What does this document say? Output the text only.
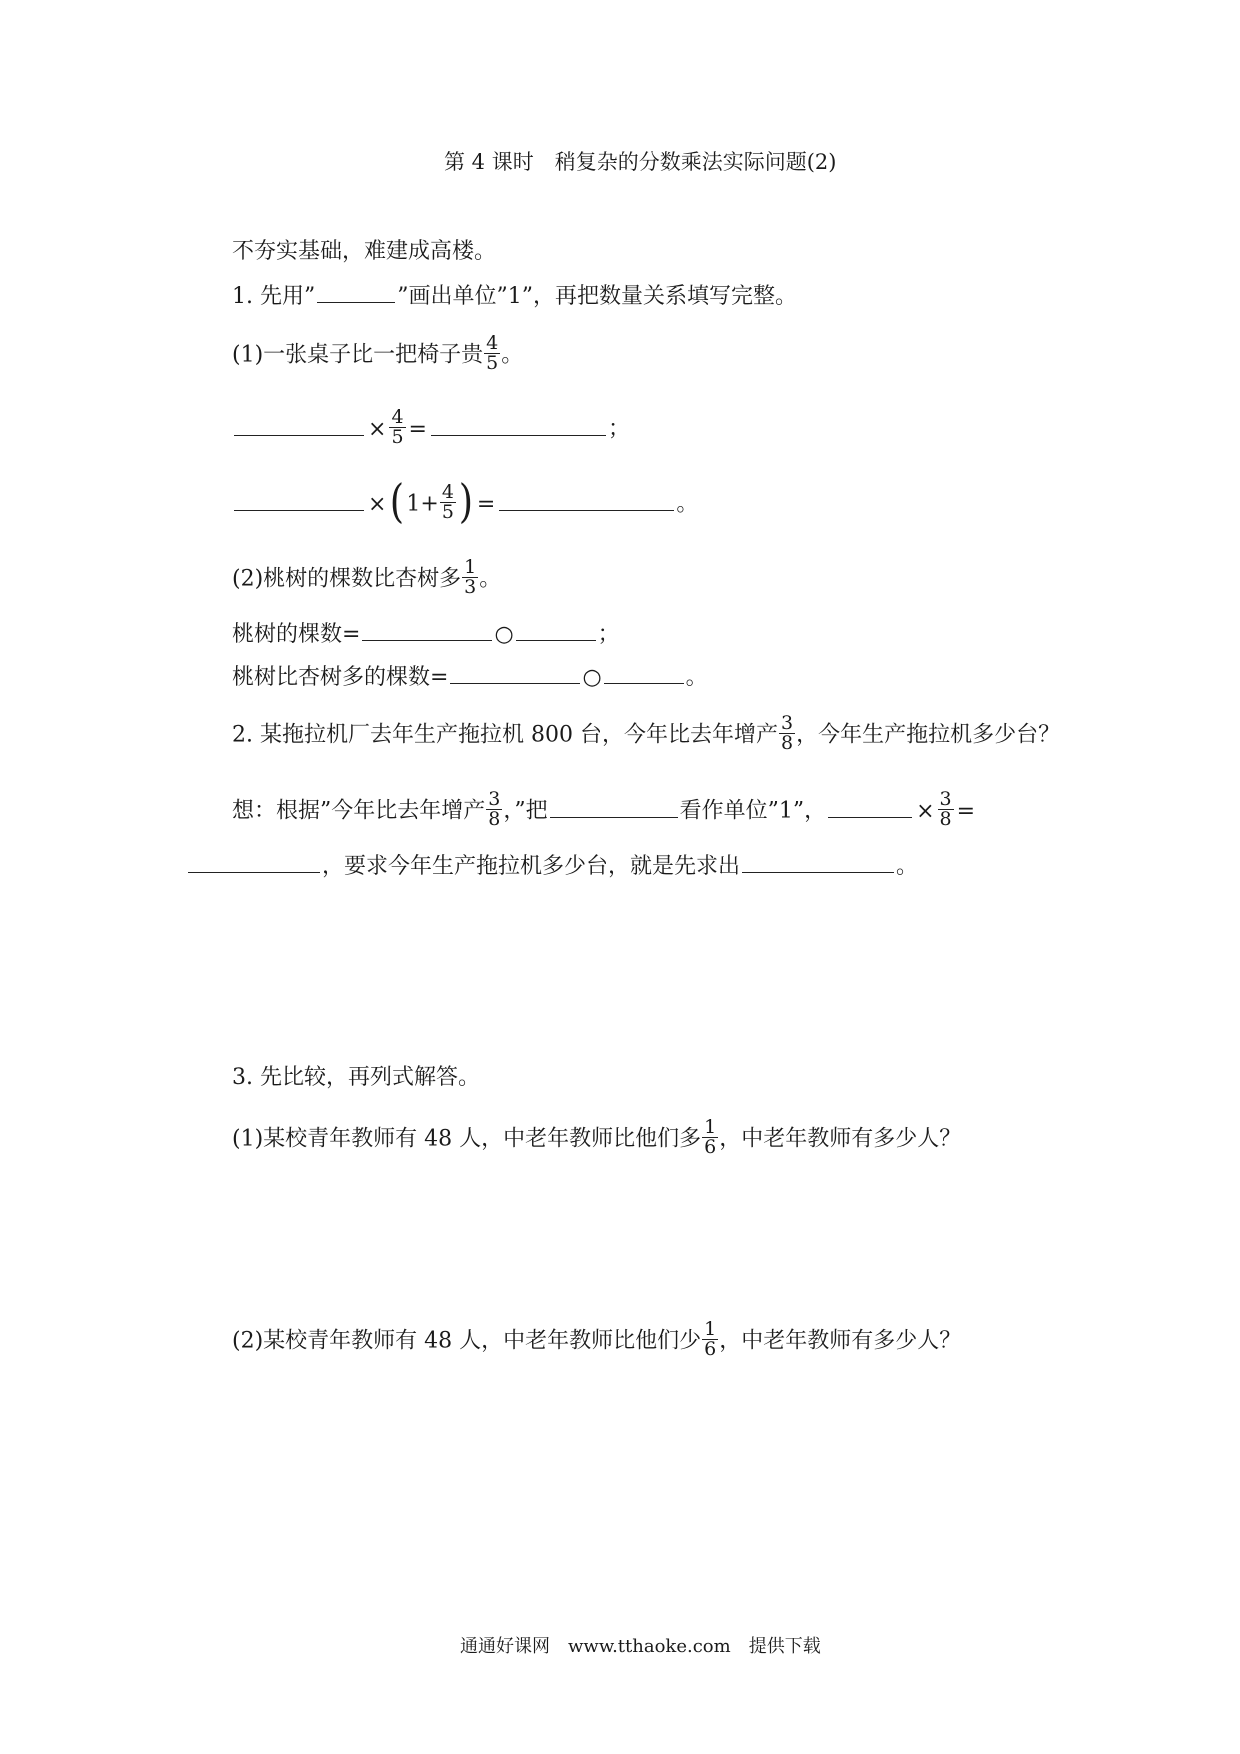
第 4 课时　稍复杂的分数乘法实际问题(2)
不夯实基础，难建成高楼。
1. 先用”	”画出单位”1”，再把数量关系填写完整。
(1)一张桌子比一把椅子贵 $\frac{4}{5}$ 。
× $\frac{4}{5}$ =	；
$\times(1+ \frac{4}{5}$ ) =	。
(2)桃树的棵数比杏树多 $\frac{1}{3}$ 。
桃树的棵数=	○	；
桃树比杏树多的棵数=	○	。
2. 某拖拉机厂去年生产拖拉机 800 台，今年比去年增产 $\frac{3}{8}$ ，今年生产拖拉机多少台？
想：根据”今年比去年增产 $\frac{3}{8}$ ，”把	看作单位”1”，	× $\frac{3}{8}$ =
，要求今年生产拖拉机多少台，就是先求出	。
3. 先比较，再列式解答。
(1)某校青年教师有 48 人，中老年教师比他们多 $\frac{1}{6}$ ，中老年教师有多少人？
(2)某校青年教师有 48 人，中老年教师比他们少 $\frac{1}{6}$ ，中老年教师有多少人？
通通好课网　www.tthaoke.com　提供下载
